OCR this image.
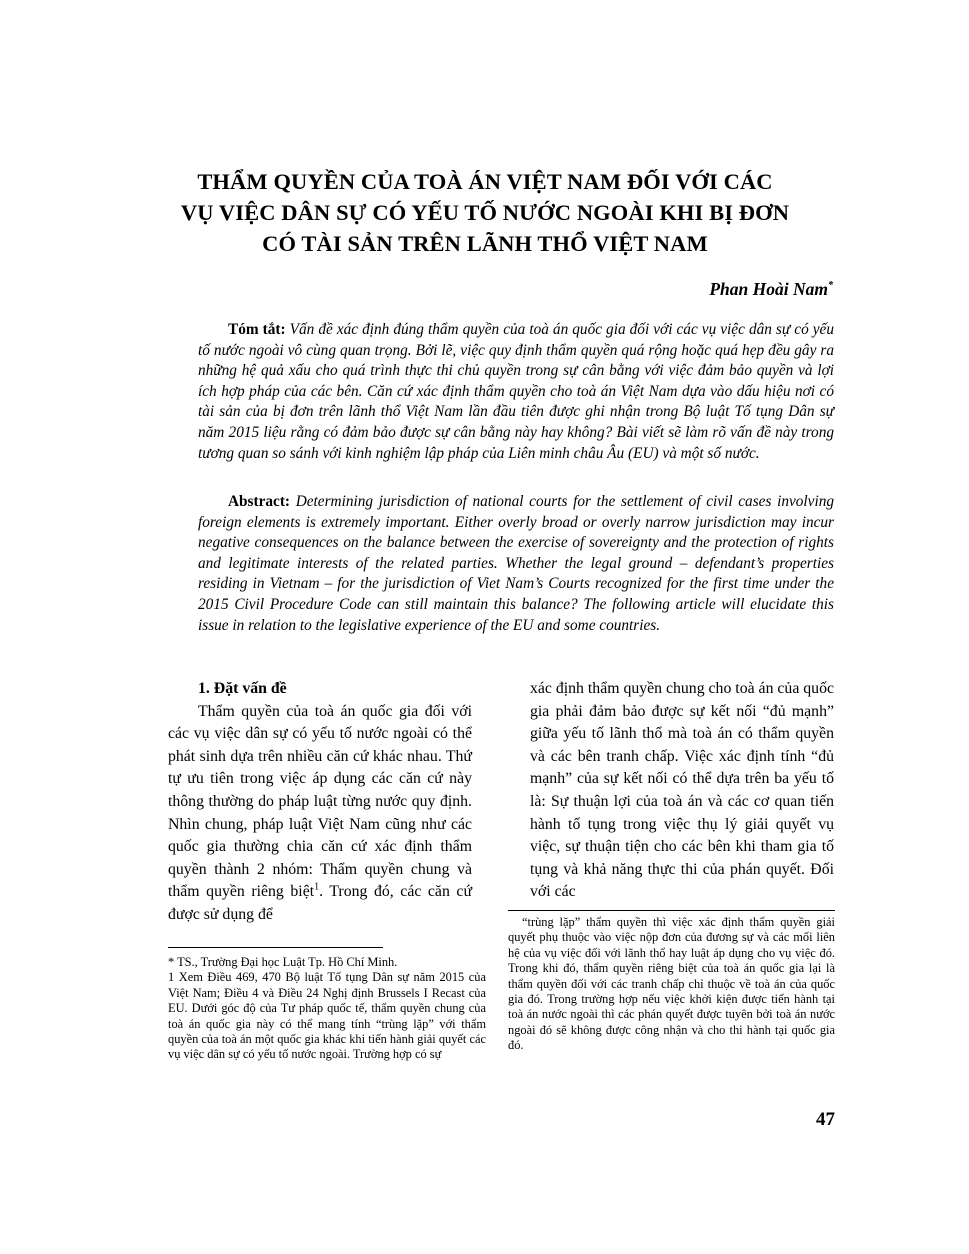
THẨM QUYỀN CỦA TOÀ ÁN VIỆT NAM ĐỐI VỚI CÁC
VỤ VIỆC DÂN SỰ CÓ YẾU TỐ NƯỚC NGOÀI KHI BỊ ĐƠN
CÓ TÀI SẢN TRÊN LÃNH THỔ VIỆT NAM

Phan Hoài Nam*

Tóm tắt: Vấn đề xác định đúng thẩm quyền của toà án quốc gia đối với các vụ việc dân sự có yếu tố nước ngoài vô cùng quan trọng. Bởi lẽ, việc quy định thẩm quyền quá rộng hoặc quá hẹp đều gây ra những hệ quả xấu cho quá trình thực thi chủ quyền trong sự cân bằng với việc đảm bảo quyền và lợi ích hợp pháp của các bên. Căn cứ xác định thẩm quyền cho toà án Việt Nam dựa vào dấu hiệu nơi có tài sản của bị đơn trên lãnh thổ Việt Nam lần đầu tiên được ghi nhận trong Bộ luật Tố tụng Dân sự năm 2015 liệu rằng có đảm bảo được sự cân bằng này hay không? Bài viết sẽ làm rõ vấn đề này trong tương quan so sánh với kinh nghiệm lập pháp của Liên minh châu Âu (EU) và một số nước.

Abstract: Determining jurisdiction of national courts for the settlement of civil cases involving foreign elements is extremely important. Either overly broad or overly narrow jurisdiction may incur negative consequences on the balance between the exercise of sovereignty and the protection of rights and legitimate interests of the related parties. Whether the legal ground – defendant’s properties residing in Vietnam – for the jurisdiction of Viet Nam’s Courts recognized for the first time under the 2015 Civil Procedure Code can still maintain this balance? The following article will elucidate this issue in relation to the legislative experience of the EU and some countries.

1. Đặt vấn đề

Thẩm quyền của toà án quốc gia đối với các vụ việc dân sự có yếu tố nước ngoài có thể phát sinh dựa trên nhiều căn cứ khác nhau. Thứ tự ưu tiên trong việc áp dụng các căn cứ này thông thường do pháp luật từng nước quy định. Nhìn chung, pháp luật Việt Nam cũng như các quốc gia thường chia căn cứ xác định thẩm quyền thành 2 nhóm: Thẩm quyền chung và thẩm quyền riêng biệt$^1$. Trong đó, các căn cứ được sử dụng để

xác định thẩm quyền chung cho toà án của quốc gia phải đảm bảo được sự kết nối “đủ mạnh” giữa yếu tố lãnh thổ mà toà án có thẩm quyền và các bên tranh chấp. Việc xác định tính “đủ mạnh” của sự kết nối có thể dựa trên ba yếu tố là: Sự thuận lợi của toà án và các cơ quan tiến hành tố tụng trong việc thụ lý giải quyết vụ việc, sự thuận tiện cho các bên khi tham gia tố tụng và khả năng thực thi của phán quyết. Đối với các

* TS., Trường Đại học Luật Tp. Hồ Chí Minh.

1 Xem Điều 469, 470 Bộ luật Tố tụng Dân sự năm 2015 của Việt Nam; Điều 4 và Điều 24 Nghị định Brussels I Recast của EU. Dưới góc độ của Tư pháp quốc tế, thẩm quyền chung của toà án quốc gia này có thể mang tính “trùng lặp” với thẩm quyền của toà án một quốc gia khác khi tiến hành giải quyết các vụ việc dân sự có yếu tố nước ngoài. Trường hợp có sự

“trùng lặp” thẩm quyền thì việc xác định thẩm quyền giải quyết phụ thuộc vào việc nộp đơn của đương sự và các mối liên hệ của vụ việc đối với lãnh thổ hay luật áp dụng cho vụ việc đó. Trong khi đó, thẩm quyền riêng biệt của toà án quốc gia lại là thẩm quyền đối với các tranh chấp chỉ thuộc về toà án của quốc gia đó. Trong trường hợp nếu việc khởi kiện được tiến hành tại toà án nước ngoài thì các phán quyết được tuyên bởi toà án nước ngoài đó sẽ không được công nhận và cho thi hành tại quốc gia đó.

47
